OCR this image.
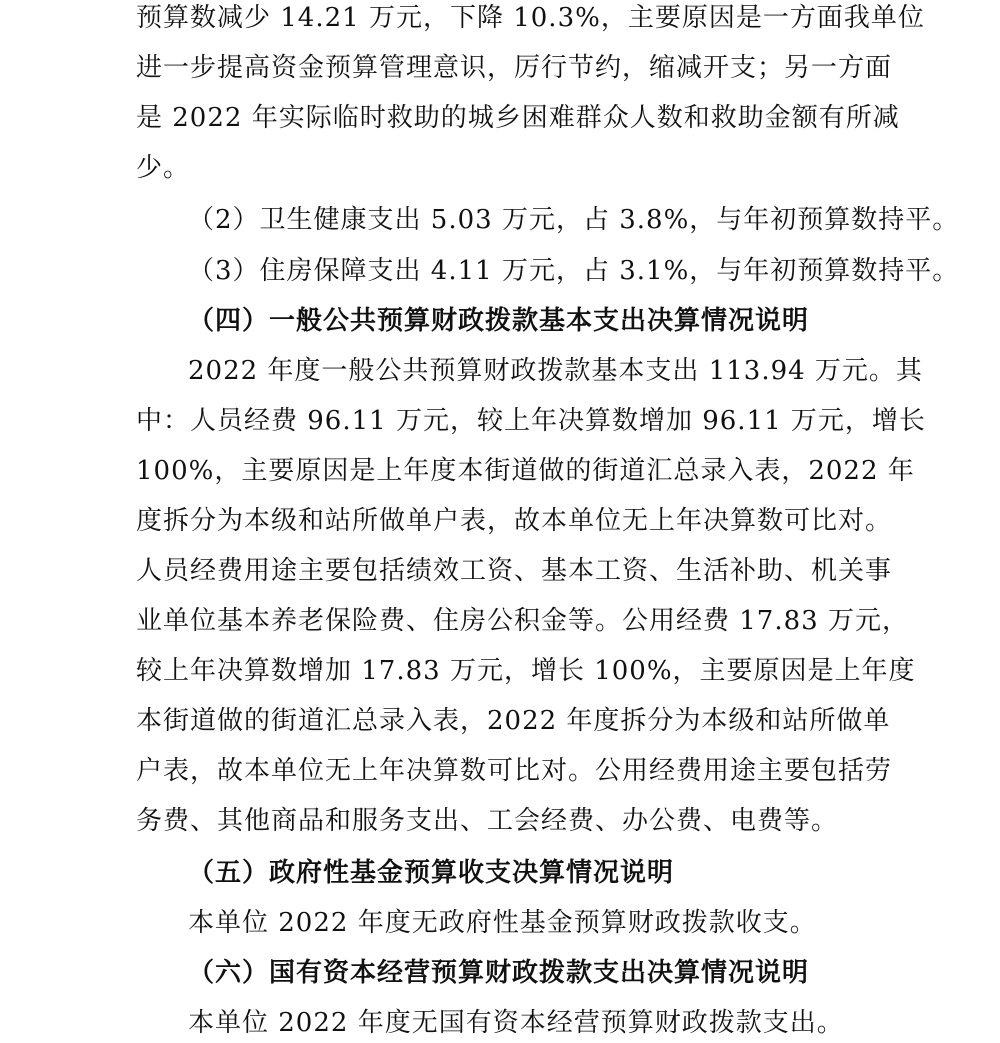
预算数减少 14.21 万元，下降 10.3%，主要原因是一方面我单位
进一步提高资金预算管理意识，厉行节约，缩减开支；另一方面
是 2022 年实际临时救助的城乡困难群众人数和救助金额有所减
少。
（2）卫生健康支出 5.03 万元，占 3.8%，与年初预算数持平。
（3）住房保障支出 4.11 万元，占 3.1%，与年初预算数持平。
（四）一般公共预算财政拨款基本支出决算情况说明
2022 年度一般公共预算财政拨款基本支出 113.94 万元。其
中：人员经费 96.11 万元，较上年决算数增加 96.11 万元，增长
100%，主要原因是上年度本街道做的街道汇总录入表，2022 年
度拆分为本级和站所做单户表，故本单位无上年决算数可比对。
人员经费用途主要包括绩效工资、基本工资、生活补助、机关事
业单位基本养老保险费、住房公积金等。公用经费 17.83 万元，
较上年决算数增加 17.83 万元，增长 100%，主要原因是上年度
本街道做的街道汇总录入表，2022 年度拆分为本级和站所做单
户表，故本单位无上年决算数可比对。公用经费用途主要包括劳
务费、其他商品和服务支出、工会经费、办公费、电费等。
（五）政府性基金预算收支决算情况说明
本单位 2022 年度无政府性基金预算财政拨款收支。
（六）国有资本经营预算财政拨款支出决算情况说明
本单位 2022 年度无国有资本经营预算财政拨款支出。
